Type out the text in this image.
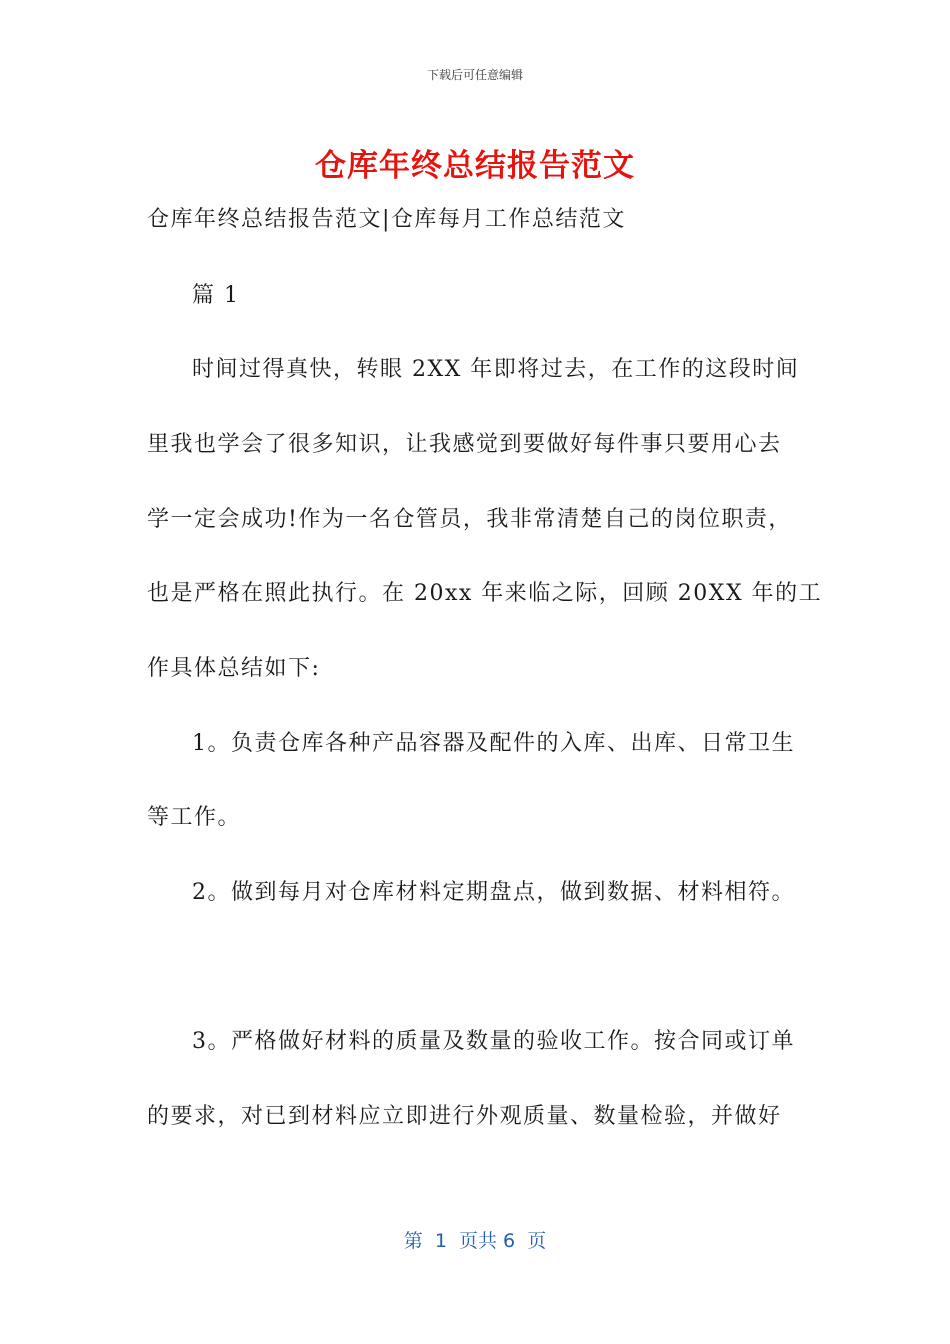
下载后可任意编辑
仓库年终总结报告范文
仓库年终总结报告范文|仓库每月工作总结范文
篇 1
时间过得真快，转眼 2XX 年即将过去，在工作的这段时间
里我也学会了很多知识，让我感觉到要做好每件事只要用心去
学一定会成功!作为一名仓管员，我非常清楚自己的岗位职责，
也是严格在照此执行。在 20xx 年来临之际，回顾 20XX 年的工
作具体总结如下:
1。负责仓库各种产品容器及配件的入库、出库、日常卫生
等工作。
2。做到每月对仓库材料定期盘点，做到数据、材料相符。
3。严格做好材料的质量及数量的验收工作。按合同或订单
的要求，对已到材料应立即进行外观质量、数量检验，并做好
第  1  页共 6  页
